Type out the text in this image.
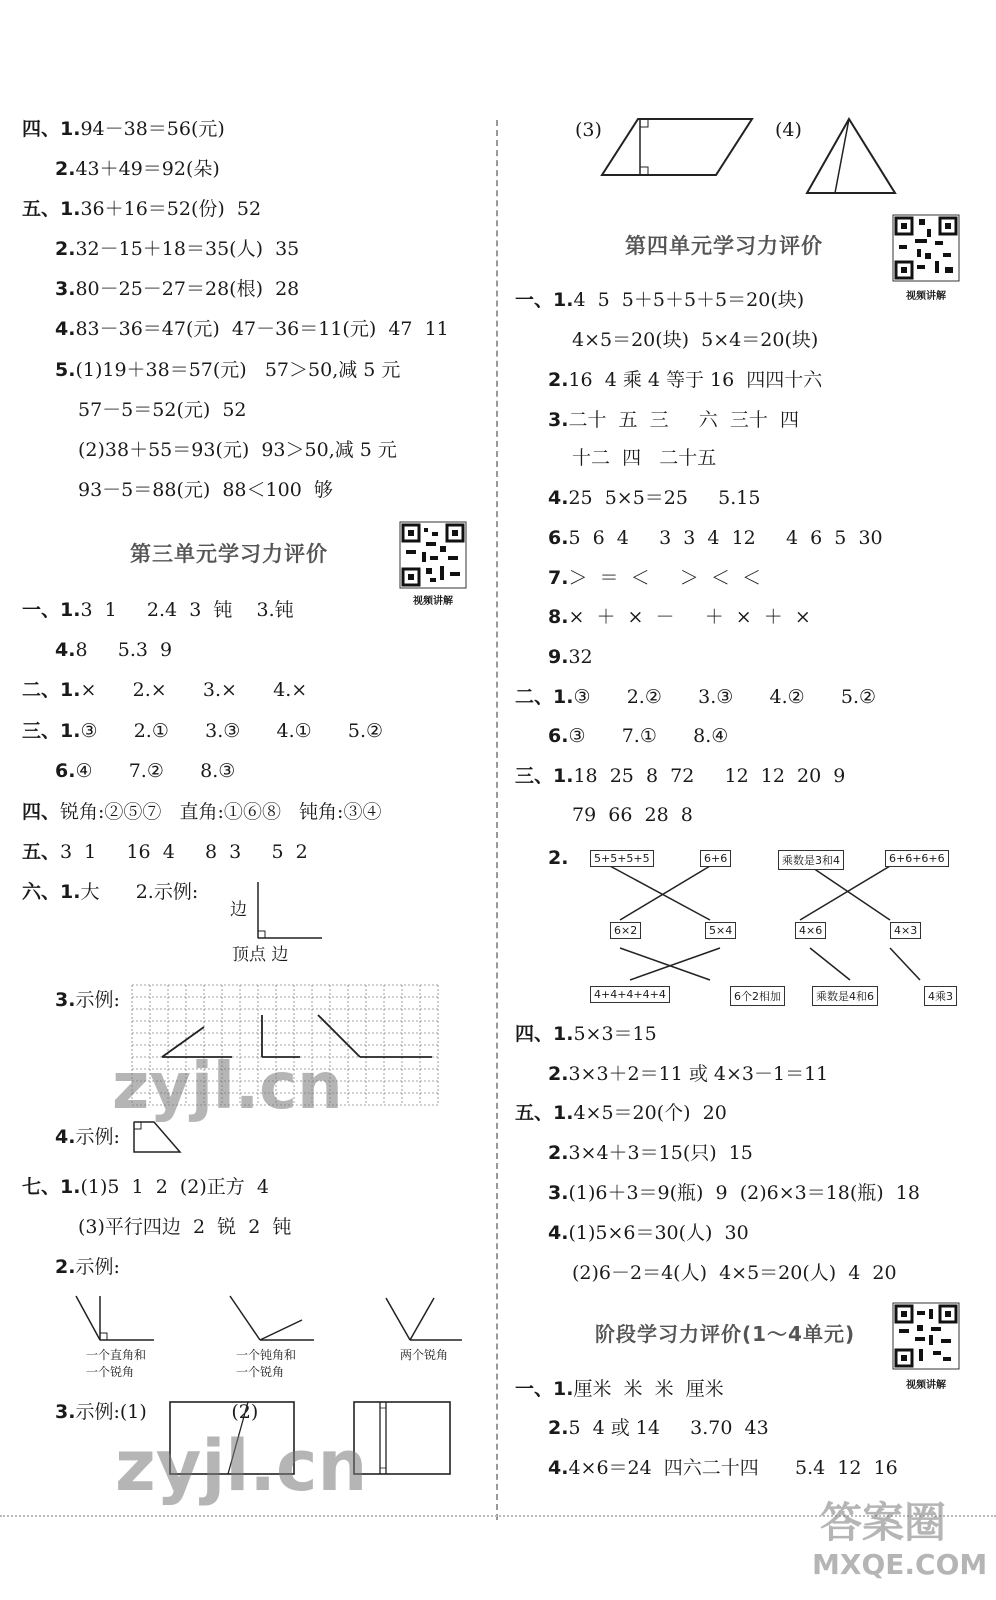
四、1.94－38＝56(元)
2.43＋49＝92(朵)
五、1.36＋16＝52(份)  52
2.32－15＋18＝35(人)  35
3.80－25－27＝28(根)  28
4.83－36＝47(元)  47－36＝11(元)  47  11
5.(1)19＋38＝57(元)   57＞50,减 5 元
57－5＝52(元)  52
(2)38＋55＝93(元)  93＞50,减 5 元
93－5＝88(元)  88＜100  够
一、1.3  1     2.4  3  钝    3.钝
4.8     5.3  9
二、1.×      2.×      3.×      4.×
三、1.③      2.①      3.③      4.①      5.②
6.④      7.②      8.③
四、锐角:②⑤⑦   直角:①⑥⑧   钝角:③④
五、3  1     16  4     8  3     5  2
六、1.大      2.示例:
3.示例:
4.示例:
七、1.(1)5  1  2  (2)正方  4
(3)平行四边  2  锐  2  钝
2.示例:
3.示例:(1)              (2)
一、1.4  5  5＋5＋5＋5＝20(块)
4×5＝20(块)  5×4＝20(块)
2.16  4 乘 4 等于 16  四四十六
3.二十  五  三     六  三十  四
十二  四   二十五
4.25  5×5＝25     5.15
6.5  6  4     3  3  4  12     4  6  5  30
7.＞  ＝  ＜     ＞  ＜  ＜
8.×  ＋  ×  －     ＋  ×  ＋  ×
9.32
二、1.③      2.②      3.③      4.②      5.②
6.③      7.①      8.④
三、1.18  25  8  72     12  12  20  9
79  66  28  8
2.
四、1.5×3＝15
2.3×3＋2＝11 或 4×3－1＝11
五、1.4×5＝20(个)  20
2.3×4＋3＝15(只)  15
3.(1)6＋3＝9(瓶)  9  (2)6×3＝18(瓶)  18
4.(1)5×6＝30(人)  30
(2)6－2＝4(人)  4×5＝20(人)  4  20
一、1.厘米  米  米  厘米
2.5  4 或 14     3.70  43
4.4×6＝24  四六二十四      5.4  12  16
第三单元学习力评价
第四单元学习力评价
阶段学习力评价(1～4单元)
视频讲解
视频讲解
视频讲解
(3)	(4)
边
顶点 边
一个直角和
一个锐角
一个钝角和
一个锐角
两个锐角
5+5+5+5	6+6	乘数是3和4	6+6+6+6
6×2	5×4	4×6	4×3
4+4+4+4+4	6个2相加	乘数是4和6	4乘3
zyjl.cn
zyjl.cn
答案圈
MXQE.COM
